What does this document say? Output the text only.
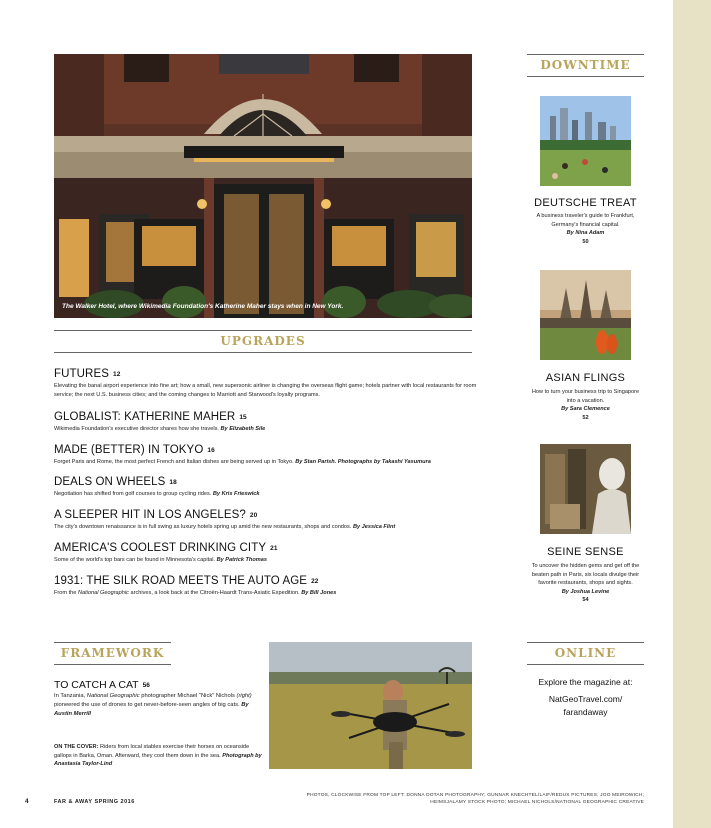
The Walker Hotel, where Wikimedia Foundation's Katherine Maher stays when in New York.
UPGRADES
FUTURES 12
Elevating the banal airport experience into fine art; how a small, new supersonic airliner is changing the overseas flight game; hotels partner with local restaurants for room service; the next U.S. business cities; and the coming changes to Marriott and Starwood's loyalty programs.
GLOBALIST: KATHERINE MAHER 15
Wikimedia Foundation's executive director shares how she travels. By Elizabeth Sile
MADE (BETTER) IN TOKYO 16
Forget Paris and Rome, the most perfect French and Italian dishes are being served up in Tokyo. By Stan Parish. Photographs by Takashi Yasumura
DEALS ON WHEELS 18
Negotiation has shifted from golf courses to group cycling rides. By Kris Frieswick
A SLEEPER HIT IN LOS ANGELES? 20
The city's downtown renaissance is in full swing as luxury hotels spring up amid the new restaurants, shops and condos. By Jessica Flint
AMERICA'S COOLEST DRINKING CITY 21
Some of the world's top bars can be found in Minnesota's capital. By Patrick Thomas
1931: THE SILK ROAD MEETS THE AUTO AGE 22
From the National Geographic archives, a look back at the Citroën-Haardt Trans-Asiatic Expedition. By Bill Jones
DOWNTIME
DEUTSCHE TREAT
A business traveler's guide to Frankfurt, Germany's financial capital.
By Nina Adam
50
ASIAN FLINGS
How to turn your business trip to Singapore into a vacation.
By Sara Clemence
52
SEINE SENSE
To uncover the hidden gems and get off the beaten path in Paris, six locals divulge their favorite restaurants, shops and sights.
By Joshua Levine
54
FRAMEWORK
TO CATCH A CAT 56
In Tanzania, National Geographic photographer Michael "Nick" Nichols (right) pioneered the use of drones to get never-before-seen angles of big cats. By Austin Merrill
ON THE COVER: Riders from local stables exercise their horses on oceanside gallops in Barka, Oman. Afterward, they cool them down in the sea. Photograph by Anastasia Taylor-Lind
ONLINE
Explore the magazine at:
NatGeoTravel.com/
farandaway
4	FAR & AWAY SPRING 2016
PHOTOS, CLOCKWISE FROM TOP LEFT: DONNA DOTAN PHOTOGRAPHY; GUNNAR KNECHTEL/LAIF/REDUX PICTURES; JOO MEIROWICH;
HEIMSJALAMY STOCK PHOTO; MICHAEL NICHOLS/NATIONAL GEOGRAPHIC CREATIVE
